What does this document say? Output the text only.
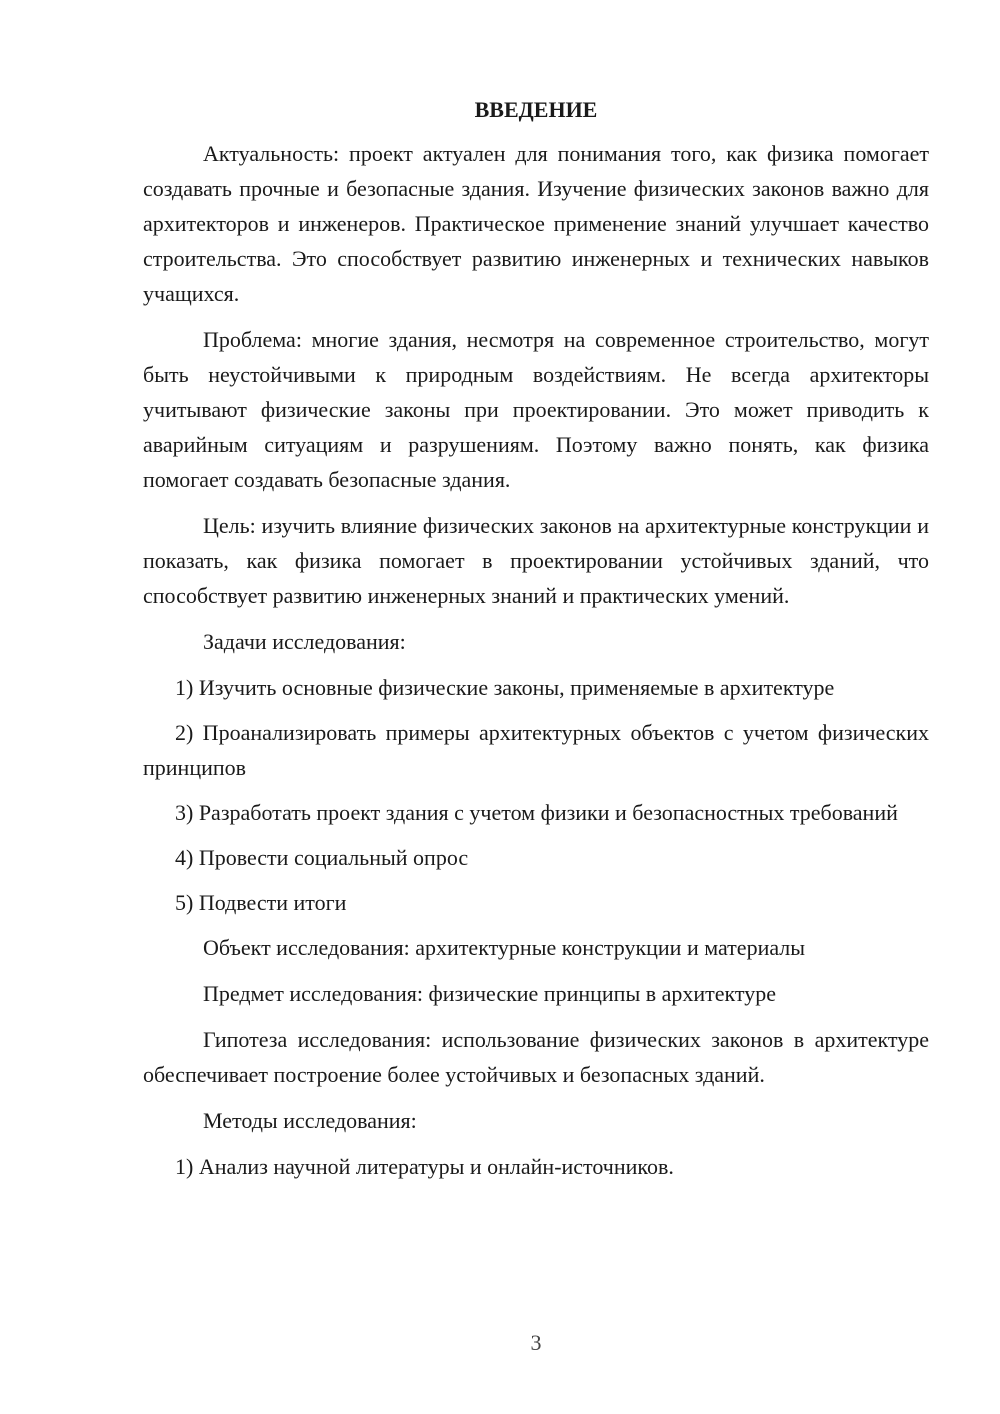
ВВЕДЕНИЕ

Актуальность: проект актуален для понимания того, как физика помогает создавать прочные и безопасные здания. Изучение физических законов важно для архитекторов и инженеров. Практическое применение знаний улучшает качество строительства. Это способствует развитию инженерных и технических навыков учащихся.

Проблема: многие здания, несмотря на современное строительство, могут быть неустойчивыми к природным воздействиям. Не всегда архитекторы учитывают физические законы при проектировании. Это может приводить к аварийным ситуациям и разрушениям. Поэтому важно понять, как физика помогает создавать безопасные здания.

Цель: изучить влияние физических законов на архитектурные конструкции и показать, как физика помогает в проектировании устойчивых зданий, что способствует развитию инженерных знаний и практических умений.

Задачи исследования:

1) Изучить основные физические законы, применяемые в архитектуре

2) Проанализировать примеры архитектурных объектов с учетом физических принципов

3) Разработать проект здания с учетом физики и безопасностных требований

4) Провести социальный опрос

5) Подвести итоги

Объект исследования: архитектурные конструкции и материалы

Предмет исследования: физические принципы в архитектуре

Гипотеза исследования: использование физических законов в архитектуре обеспечивает построение более устойчивых и безопасных зданий.

Методы исследования:

1) Анализ научной литературы и онлайн-источников.

3
